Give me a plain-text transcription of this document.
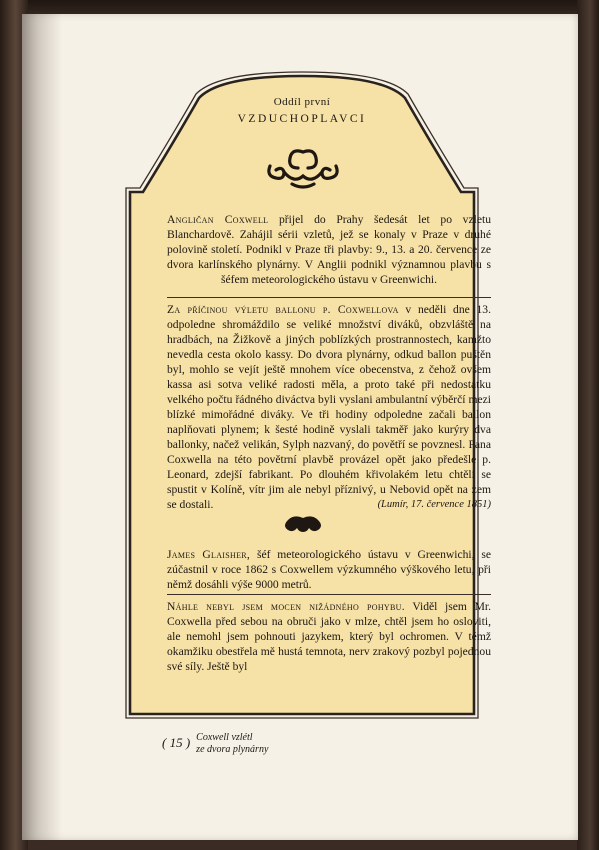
Oddíl první
VZDUCHOPLAVCI

Angličan Coxwell přijel do Prahy šedesát let po vzletu Blanchardově. Zahájil sérii vzletů, jež se konaly v Praze v druhé polovině století. Podnikl v Praze tři plavby: 9., 13. a 20. července ze dvora karlínského plynárny. V Anglii podnikl významnou plavbu s šéfem meteorologického ústavu v Greenwichi.

Za příčinou výletu ballonu p. Coxwellova v neděli dne 13. odpoledne shromáždilo se veliké množství diváků, obzvláště na hradbách, na Žižkově a jiných poblízkých prostrannostech, kamžto nevedla cesta okolo kassy. Do dvora plynárny, odkud ballon puštěn byl, mohlo se vejít ještě mnohem více obecenstva, z čehož ovšem kassa asi sotva veliké radosti měla, a proto také při nedostatku velkého počtu řádného diváctva byli vyslani ambulantní výběrčí mezi blízké mimořádné diváky. Ve tři hodiny odpoledne začali ballon naplňovati plynem; k šesté hodině vyslali takměř jako kurýry dva ballonky, načež velikán, Sylph nazvaný, do povětří se povznesl. Pana Coxwella na této povětrní plavbě provázel opět jako předešle p. Leonard, zdejší fabrikant. Po dlouhém křivolakém letu chtěli se spustit v Kolíně, vítr jim ale nebyl příznivý, u Nebovid opět na zem se dostali.	(Lumír, 17. července 1851)

James Glaisher, šéf meteorologického ústavu v Greenwichi, se zúčastnil v roce 1862 s Coxwellem výzkumného výškového letu, při němž dosáhli výše 9000 metrů.

Náhle nebyl jsem mocen nižádného pohybu. Viděl jsem Mr. Coxwella před sebou na obruči jako v mlze, chtěl jsem ho osloviti, ale nemohl jsem pohnouti jazykem, který byl ochromen. V témž okamžiku obestřela mě hustá temnota, nerv zrakový pozbyl pojednou své síly. Ještě byl

( 15 ) Coxwell vzlétl
ze dvora plynárny
